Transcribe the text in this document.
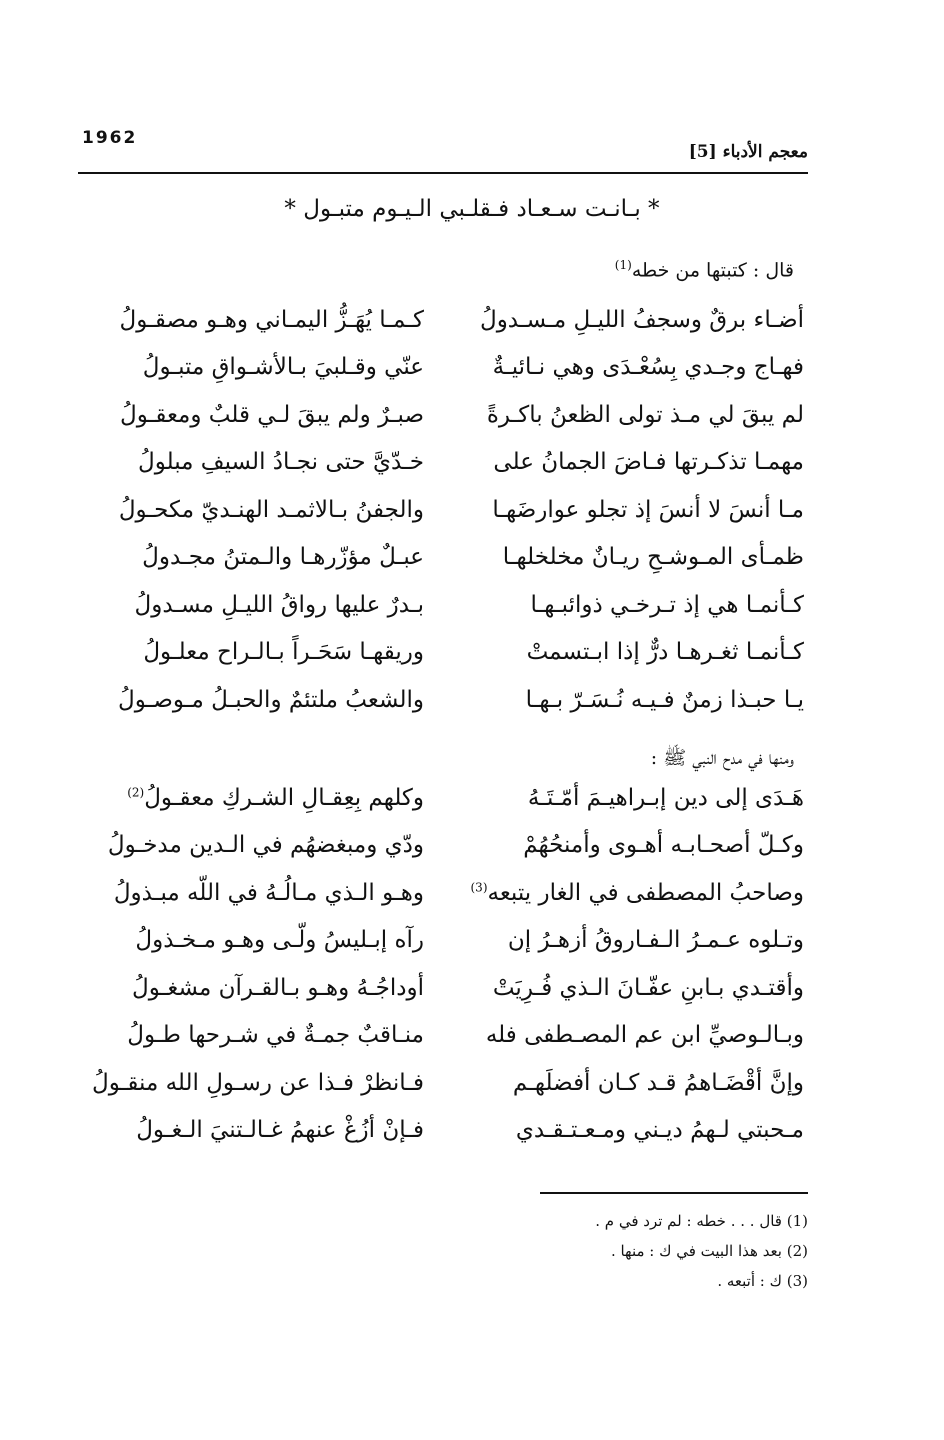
1962
معجم الأدباء [5]
* بـانـت سـعـاد فـقلـبي الـيـوم متبـول *
قال : كتبتها من خطه$^{(1)}$
أضـاء برقٌ وسجفُ الليـلِ مـسـدولُ
كـمـا يُهَـزُّ اليمـاني وهـو مصقـولُ
فهـاج وجـدي بِسُعْـدَى وهي نـائيـةٌ
عنّي وقـلبيَ بـالأشـواقِ متبـولُ
لم يبقَ لي مـذ تولى الظعنُ باكـرةً
صبـرٌ ولم يبقَ لـي قلبٌ ومعقـولُ
مهمـا تذكـرتها فـاضَ الجمانُ على
خـدّيَّ حتى نجـادُ السيفِ مبلولُ
مـا أنسَ لا أنسَ إذ تجلو عوارضَهـا
والجفنُ بـالاثمـد الهنـديّ مكحـولُ
ظمـأى المـوشـحِ ريـانٌ مخلخلهـا
عبـلٌ مؤزّرهـا والـمتنُ مجـدولُ
كـأنمـا هي إذ تـرخـي ذوائبـهـا
بـدرٌ عليها رواقُ الليـلِ مسـدولُ
كـأنمـا ثغـرهـا درٌّ إذا ابـتسمتْ
وريقهـا سَحَـراً بـالـراح معلـولُ
يـا حبـذا زمنٌ فـيـه نُـسَـرّ بـهـا
والشعبُ ملتئمٌ والحبـلُ مـوصـولُ
ومنها في مدح النبي ﷺ :
هَـدَى إلى دين إبـراهيـمَ أمّـتَـهُ
وكلهم بِعِقـالِ الشـركِ معقـولُ$^{(2)}$
وكـلّ أصحـابـه أهـوى وأمنحُهُمْ
ودّي ومبغضهُم في الـدين مدخـولُ
وصاحبُ المصطفى في الغار يتبعه$^{(3)}$
وهـو الـذي مـالُـهُ في اللّه مبـذولُ
وتـلوه عـمـرُ الـفـاروقُ أزهـرُ إن
رآه إبـليسُ ولّـى وهـو مـخـذولُ
وأقتـدي بـابنِ عفّـانَ الـذي فُـرِيَتْ
أوداجُـهُ وهـو بـالقـرآن مشغـولُ
وبـالـوصيِّ ابن عم المصـطفى فله
منـاقبٌ جمـةٌ في شـرحها طـولُ
وإنَّ أقْضَـاهمُ قـد كـان أفضلَهـم
فـانظرْ فـذا عن رسـولِ الله منقـولُ
مـحبتي لـهمُ ديـني ومـعـتـقـدي
فـإنْ أزُغْ عنهمُ غـالـتنيَ الـغـولُ
(1) قال . . . خطه : لم ترد في م .
(2) بعد هذا البيت في ك : منها .
(3) ك : أتبعه .
